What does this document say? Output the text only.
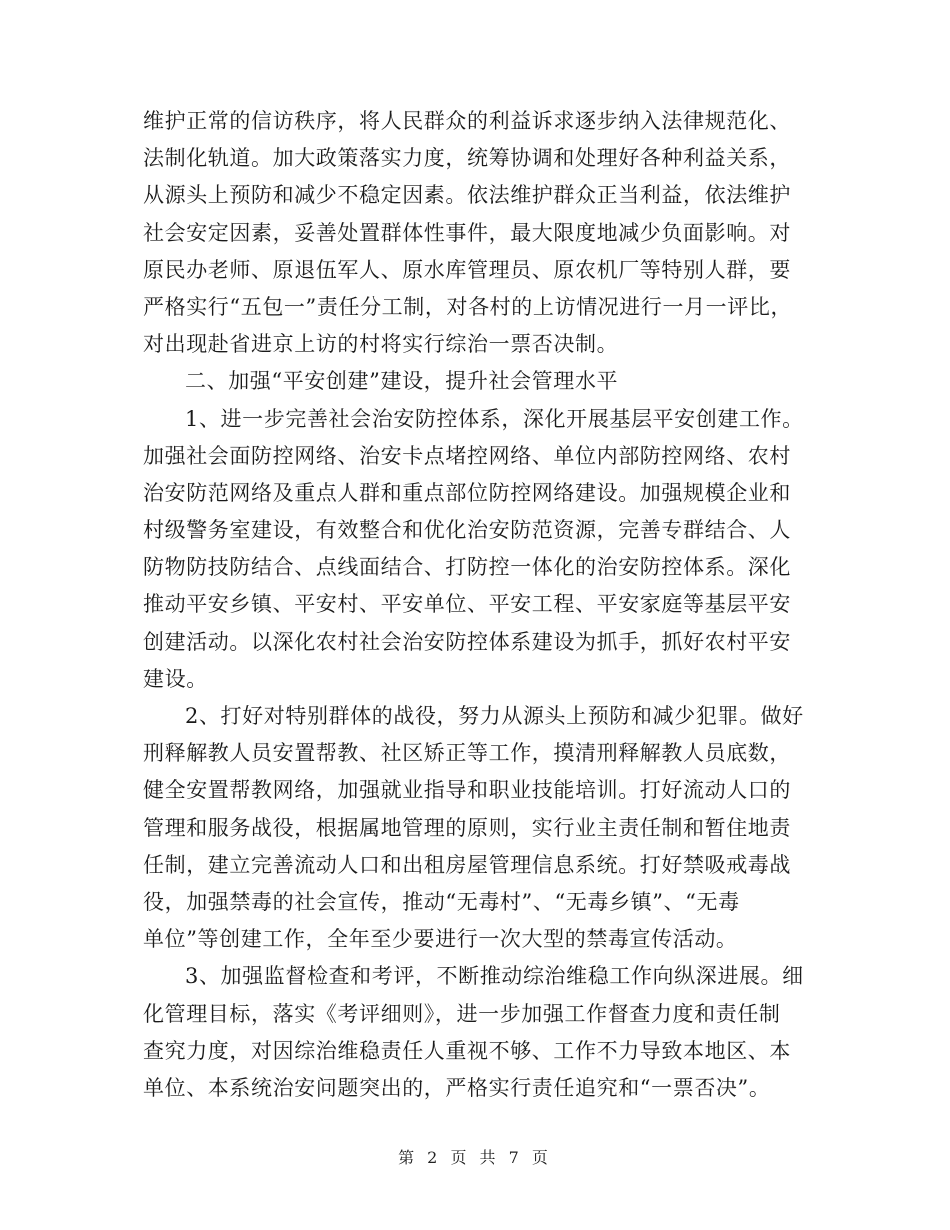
维护正常的信访秩序，将人民群众的利益诉求逐步纳入法律规范化、
法制化轨道。加大政策落实力度，统筹协调和处理好各种利益关系，
从源头上预防和减少不稳定因素。依法维护群众正当利益，依法维护
社会安定因素，妥善处置群体性事件，最大限度地减少负面影响。对
原民办老师、原退伍军人、原水库管理员、原农机厂等特别人群，要
严格实行“五包一”责任分工制，对各村的上访情况进行一月一评比，
对出现赴省进京上访的村将实行综治一票否决制。
二、加强“平安创建”建设，提升社会管理水平
1、进一步完善社会治安防控体系，深化开展基层平安创建工作。
加强社会面防控网络、治安卡点堵控网络、单位内部防控网络、农村
治安防范网络及重点人群和重点部位防控网络建设。加强规模企业和
村级警务室建设，有效整合和优化治安防范资源，完善专群结合、人
防物防技防结合、点线面结合、打防控一体化的治安防控体系。深化
推动平安乡镇、平安村、平安单位、平安工程、平安家庭等基层平安
创建活动。以深化农村社会治安防控体系建设为抓手，抓好农村平安
建设。
2、打好对特别群体的战役，努力从源头上预防和减少犯罪。做好
刑释解教人员安置帮教、社区矫正等工作，摸清刑释解教人员底数，
健全安置帮教网络，加强就业指导和职业技能培训。打好流动人口的
管理和服务战役，根据属地管理的原则，实行业主责任制和暂住地责
任制，建立完善流动人口和出租房屋管理信息系统。打好禁吸戒毒战
役，加强禁毒的社会宣传，推动“无毒村”、“无毒乡镇”、“无毒
单位”等创建工作，全年至少要进行一次大型的禁毒宣传活动。
3、加强监督检查和考评，不断推动综治维稳工作向纵深进展。细
化管理目标，落实《考评细则》，进一步加强工作督查力度和责任制
查究力度，对因综治维稳责任人重视不够、工作不力导致本地区、本
单位、本系统治安问题突出的，严格实行责任追究和“一票否决”。
第 2 页 共 7 页
